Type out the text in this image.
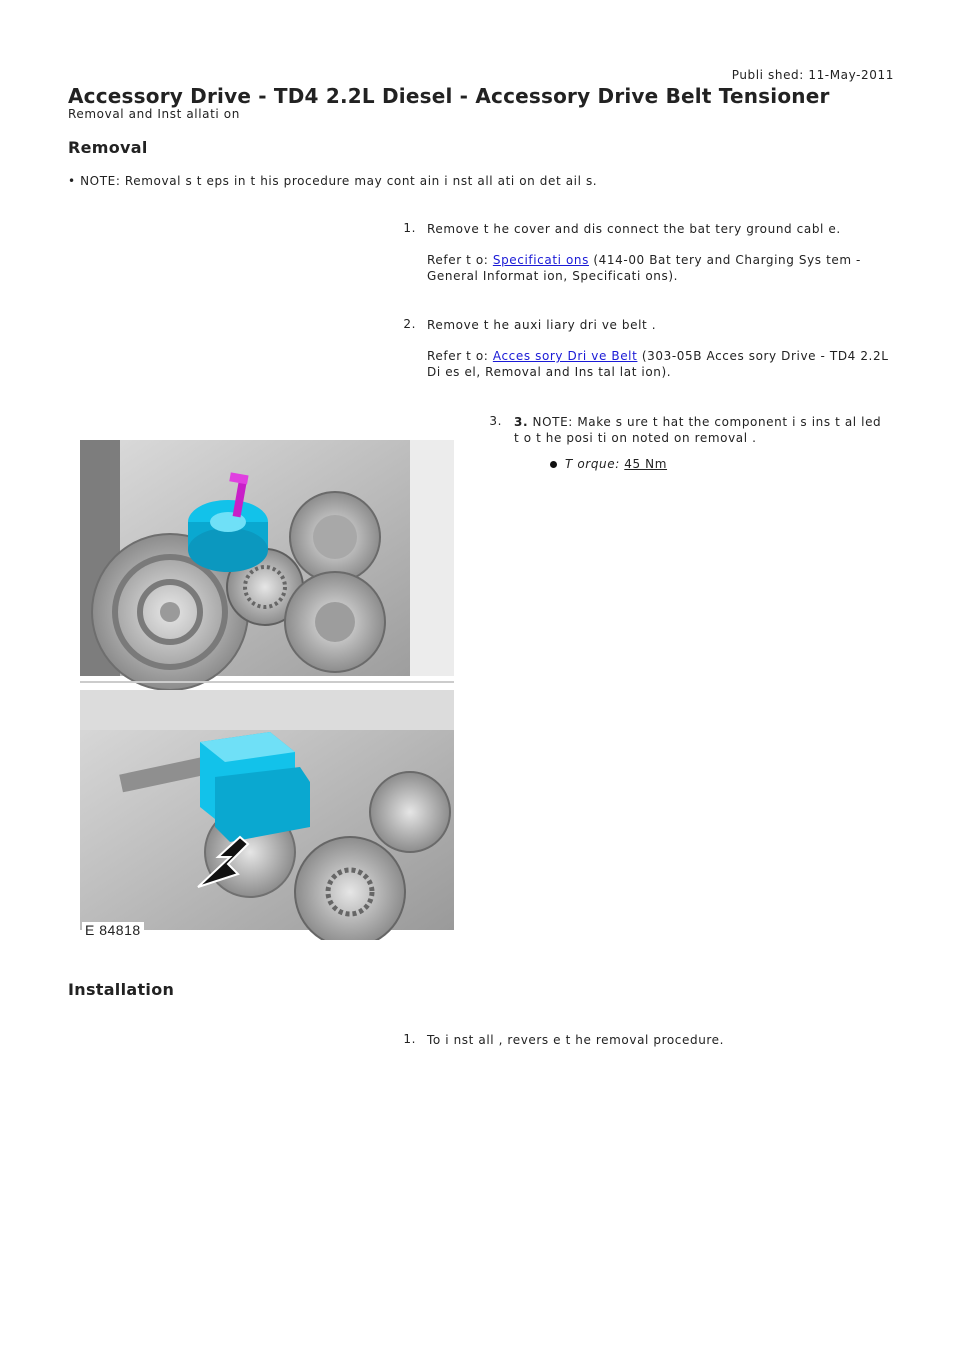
Publi shed: 11-May-2011
Accessory Drive - TD4 2.2L Diesel - Accessory Drive Belt Tensioner
Removal and Inst allati on
Removal
• NOTE: Removal s t eps in t his procedure may cont ain i nst all ati on det ail s.
1. Remove t he cover and dis connect the bat tery ground cabl e.
Refer t o: Specificati ons (414-00 Bat tery and Charging Sys tem - General Informat ion, Specificati ons).
2. Remove t he auxi liary dri ve belt .
Refer t o: Acces sory Dri ve Belt (303-05B Acces sory Drive - TD4 2.2L Di es el, Removal and Ins tal lat ion).
3. 3. NOTE: Make s ure t hat the component i s ins t al led t o t he posi ti on noted on removal .
T orque: 45 Nm
E 84818
Installation
1. To i nst all , revers e t he removal procedure.
